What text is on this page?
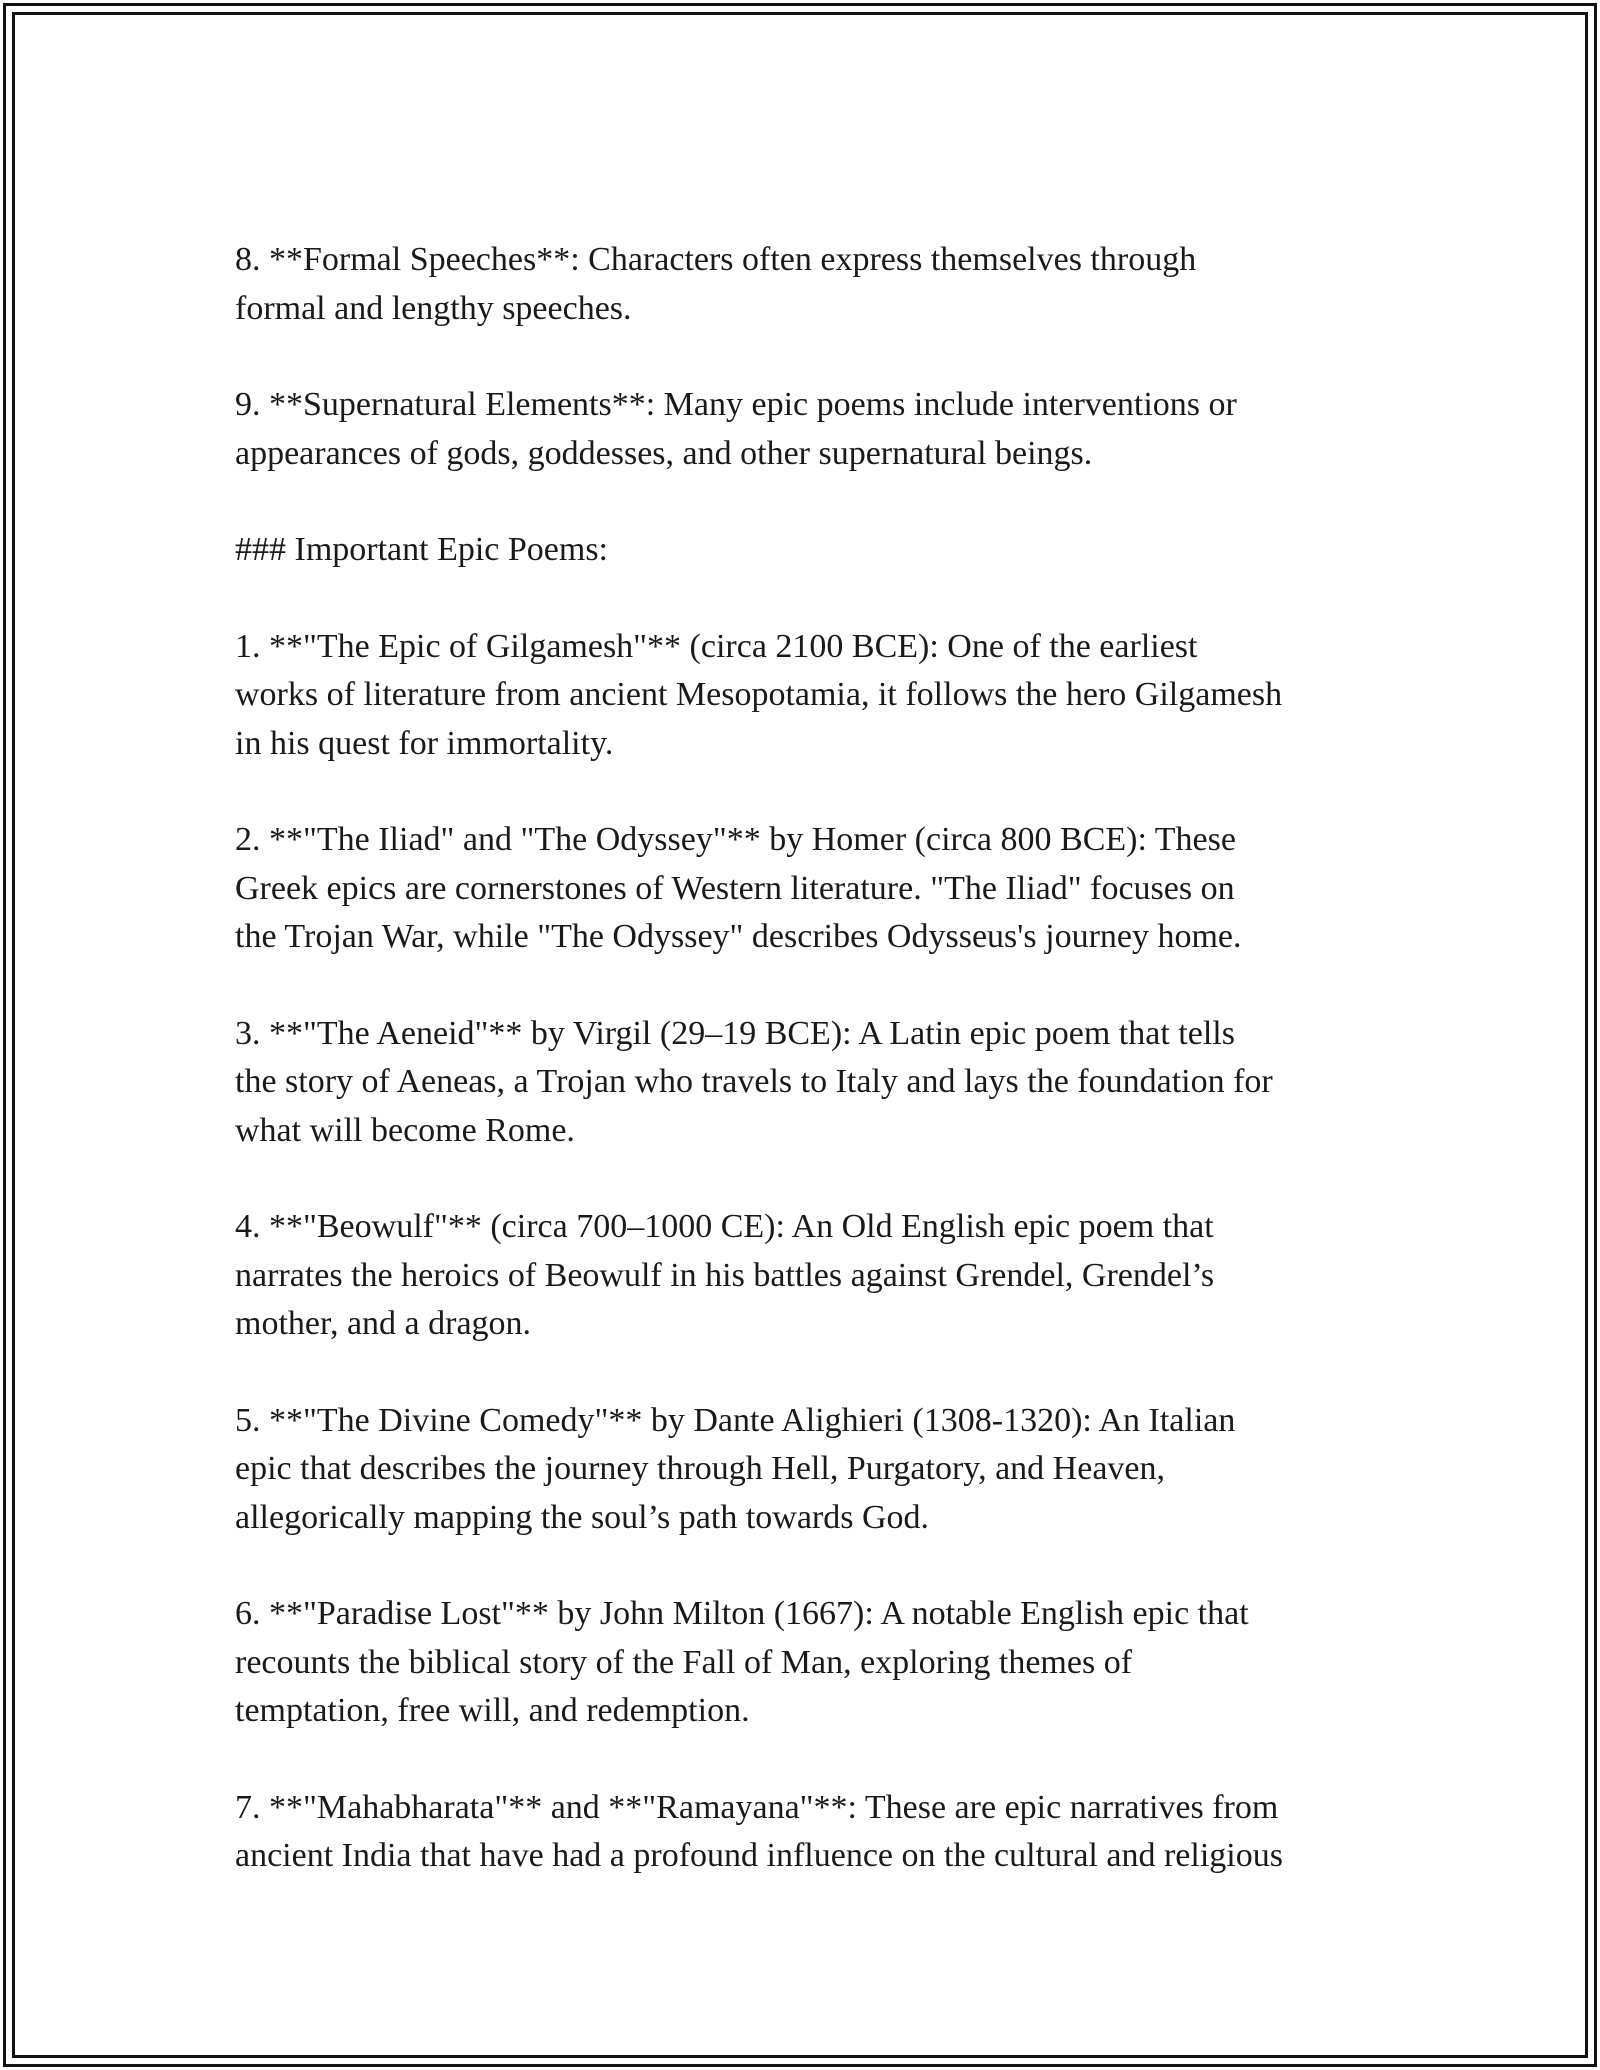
8. **Formal Speeches**: Characters often express themselves through
formal and lengthy speeches.

9. **Supernatural Elements**: Many epic poems include interventions or
appearances of gods, goddesses, and other supernatural beings.

### Important Epic Poems:

1. **"The Epic of Gilgamesh"** (circa 2100 BCE): One of the earliest
works of literature from ancient Mesopotamia, it follows the hero Gilgamesh
in his quest for immortality.

2. **"The Iliad" and "The Odyssey"** by Homer (circa 800 BCE): These
Greek epics are cornerstones of Western literature. "The Iliad" focuses on
the Trojan War, while "The Odyssey" describes Odysseus's journey home.

3. **"The Aeneid"** by Virgil (29–19 BCE): A Latin epic poem that tells
the story of Aeneas, a Trojan who travels to Italy and lays the foundation for
what will become Rome.

4. **"Beowulf"** (circa 700–1000 CE): An Old English epic poem that
narrates the heroics of Beowulf in his battles against Grendel, Grendel’s
mother, and a dragon.

5. **"The Divine Comedy"** by Dante Alighieri (1308-1320): An Italian
epic that describes the journey through Hell, Purgatory, and Heaven,
allegorically mapping the soul’s path towards God.

6. **"Paradise Lost"** by John Milton (1667): A notable English epic that
recounts the biblical story of the Fall of Man, exploring themes of
temptation, free will, and redemption.

7. **"Mahabharata"** and **"Ramayana"**: These are epic narratives from
ancient India that have had a profound influence on the cultural and religious
